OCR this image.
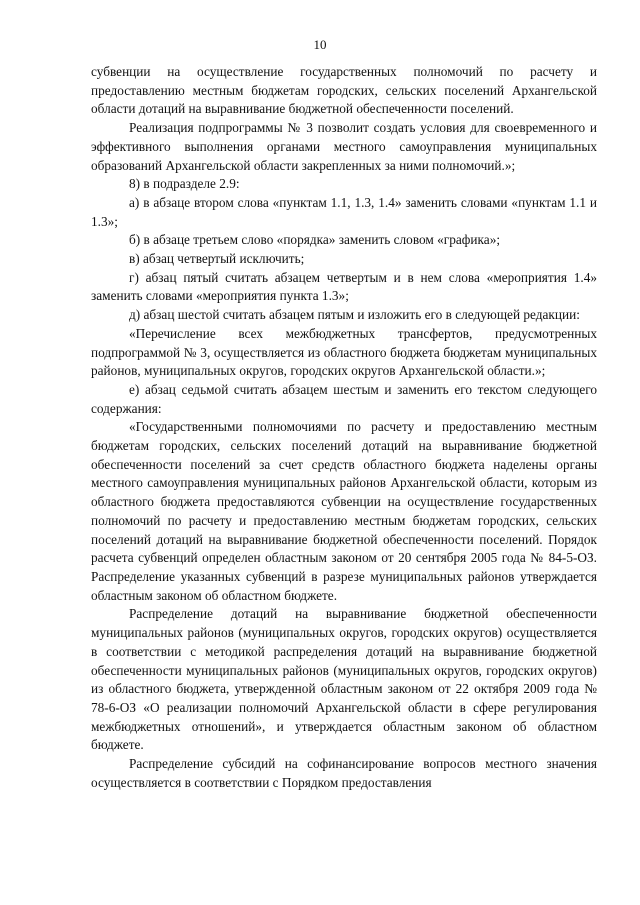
10

субвенции на осуществление государственных полномочий по расчету и предоставлению местным бюджетам городских, сельских поселений Архангельской области дотаций на выравнивание бюджетной обеспеченности поселений.

Реализация подпрограммы № 3 позволит создать условия для своевременного и эффективного выполнения органами местного самоуправления муниципальных образований Архангельской области закрепленных за ними полномочий.»;

8) в подразделе 2.9:

а) в абзаце втором слова «пунктам 1.1, 1.3, 1.4» заменить словами «пунктам 1.1 и 1.3»;

б) в абзаце третьем слово «порядка» заменить словом «графика»;

в) абзац четвертый исключить;

г) абзац пятый считать абзацем четвертым и в нем слова «мероприятия 1.4» заменить словами «мероприятия пункта 1.3»;

д) абзац шестой считать абзацем пятым и изложить его в следующей редакции:

«Перечисление всех межбюджетных трансфертов, предусмотренных подпрограммой № 3, осуществляется из областного бюджета бюджетам муниципальных районов, муниципальных округов, городских округов Архангельской области.»;

е) абзац седьмой считать абзацем шестым и заменить его текстом следующего содержания:

«Государственными полномочиями по расчету и предоставлению местным бюджетам городских, сельских поселений дотаций на выравнивание бюджетной обеспеченности поселений за счет средств областного бюджета наделены органы местного самоуправления муниципальных районов Архангельской области, которым из областного бюджета предоставляются субвенции на осуществление государственных полномочий по расчету и предоставлению местным бюджетам городских, сельских поселений дотаций на выравнивание бюджетной обеспеченности поселений. Порядок расчета субвенций определен областным законом от 20 сентября 2005 года № 84-5-ОЗ. Распределение указанных субвенций в разрезе муниципальных районов утверждается областным законом об областном бюджете.

Распределение дотаций на выравнивание бюджетной обеспеченности муниципальных районов (муниципальных округов, городских округов) осуществляется в соответствии с методикой распределения дотаций на выравнивание бюджетной обеспеченности муниципальных районов (муниципальных округов, городских округов) из областного бюджета, утвержденной областным законом от 22 октября 2009 года № 78-6-ОЗ «О реализации полномочий Архангельской области в сфере регулирования межбюджетных отношений», и утверждается областным законом об областном бюджете.

Распределение субсидий на софинансирование вопросов местного значения осуществляется в соответствии с Порядком предоставления
